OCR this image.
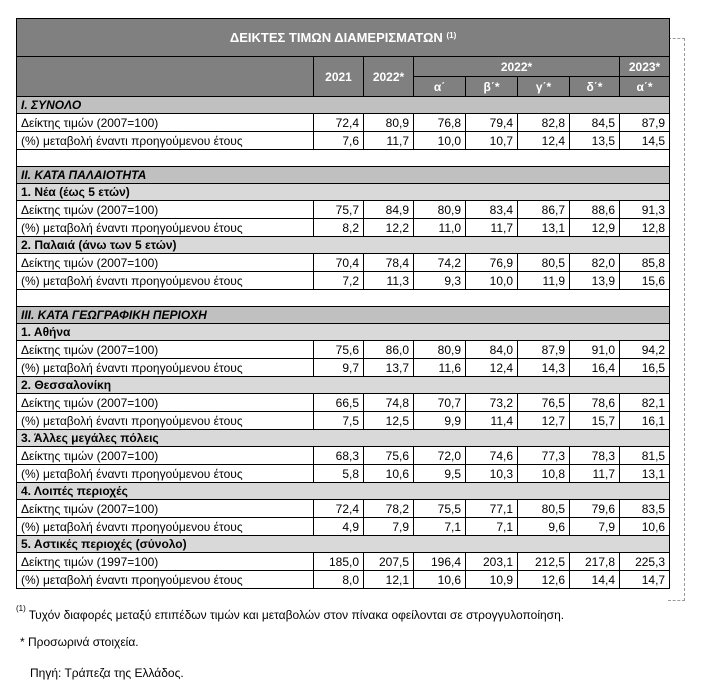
ΔΕΙΚΤΕΣ ΤΙΜΩΝ ΔΙΑΜΕΡΙΣΜΑΤΩΝ $^{(1)}$
	2021	2022*	2022*				2023*
			α΄	β΄*	γ΄*	δ΄*	α΄*
I. ΣΥΝΟΛΟ							
Δείκτης τιμών (2007=100)	72,4	80,9	76,8	79,4	82,8	84,5	87,9
(%) μεταβολή έναντι προηγούμενου έτους	7,6	11,7	10,0	10,7	12,4	13,5	14,5

II. ΚΑΤΑ ΠΑΛΑΙΟΤΗΤΑ							
1. Νέα (έως 5 ετών)							
Δείκτης τιμών (2007=100)	75,7	84,9	80,9	83,4	86,7	88,6	91,3
(%) μεταβολή έναντι προηγούμενου έτους	8,2	12,2	11,0	11,7	13,1	12,9	12,8
2. Παλαιά (άνω των 5 ετών)							
Δείκτης τιμών (2007=100)	70,4	78,4	74,2	76,9	80,5	82,0	85,8
(%) μεταβολή έναντι προηγούμενου έτους	7,2	11,3	9,3	10,0	11,9	13,9	15,6

III. ΚΑΤΑ ΓΕΩΓΡΑΦΙΚΗ ΠΕΡΙΟΧΗ							
1. Αθήνα							
Δείκτης τιμών (2007=100)	75,6	86,0	80,9	84,0	87,9	91,0	94,2
(%) μεταβολή έναντι προηγούμενου έτους	9,7	13,7	11,6	12,4	14,3	16,4	16,5
2. Θεσσαλονίκη							
Δείκτης τιμών (2007=100)	66,5	74,8	70,7	73,2	76,5	78,6	82,1
(%) μεταβολή έναντι προηγούμενου έτους	7,5	12,5	9,9	11,4	12,7	15,7	16,1
3. Άλλες μεγάλες πόλεις							
Δείκτης τιμών (2007=100)	68,3	75,6	72,0	74,6	77,3	78,3	81,5
(%) μεταβολή έναντι προηγούμενου έτους	5,8	10,6	9,5	10,3	10,8	11,7	13,1
4. Λοιπές περιοχές							
Δείκτης τιμών (2007=100)	72,4	78,2	75,5	77,1	80,5	79,6	83,5
(%) μεταβολή έναντι προηγούμενου έτους	4,9	7,9	7,1	7,1	9,6	7,9	10,6
5. Αστικές περιοχές (σύνολο)							
Δείκτης τιμών (1997=100)	185,0	207,5	196,4	203,1	212,5	217,8	225,3
(%) μεταβολή έναντι προηγούμενου έτους	8,0	12,1	10,6	10,9	12,6	14,4	14,7
$^{(1)}$ Τυχόν διαφορές μεταξύ επιπέδων τιμών και μεταβολών στον πίνακα οφείλονται σε στρογγυλοποίηση.
* Προσωρινά στοιχεία.
Πηγή: Τράπεζα της Ελλάδος.
